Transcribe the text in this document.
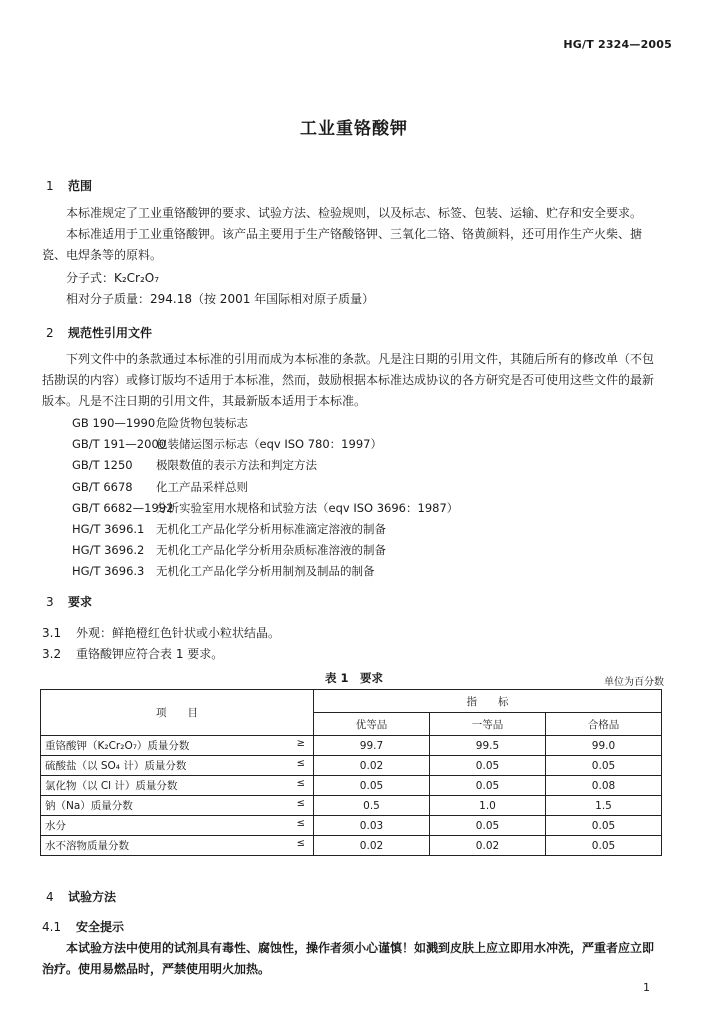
HG/T 2324—2005
工业重铬酸钾
1 范围
本标准规定了工业重铬酸钾的要求、试验方法、检验规则，以及标志、标签、包装、运输、贮存和安全要求。
本标准适用于工业重铬酸钾。该产品主要用于生产铬酸铬钾、三氧化二铬、铬黄颜料，还可用作生产火柴、搪瓷、电焊条等的原料。
分子式：K₂Cr₂O₇
相对分子质量：294.18（按 2001 年国际相对原子质量）
2 规范性引用文件
下列文件中的条款通过本标准的引用而成为本标准的条款。凡是注日期的引用文件，其随后所有的修改单（不包括勘误的内容）或修订版均不适用于本标准，然而，鼓励根据本标准达成协议的各方研究是否可使用这些文件的最新版本。凡是不注日期的引用文件，其最新版本适用于本标准。
GB 190—1990危险货物包装标志
GB/T 191—2000包装储运图示标志（eqv ISO 780：1997）
GB/T 1250 极限数值的表示方法和判定方法
GB/T 6678 化工产品采样总则
GB/T 6682—1992分析实验室用水规格和试验方法（eqv ISO 3696：1987）
HG/T 3696.1 无机化工产品化学分析用标准滴定溶液的制备
HG/T 3696.2 无机化工产品化学分析用杂质标准溶液的制备
HG/T 3696.3 无机化工产品化学分析用制剂及制品的制备
3 要求
3.1 外观：鲜艳橙红色针状或小粒状结晶。
3.2 重铬酸钾应符合表 1 要求。
表 1　要求	单位为百分数
项　　目	指　　标		
	优等品	一等品	合格品
重铬酸钾（K₂Cr₂O₇）质量分数 ≥	99.7	99.5	99.0
硫酸盐（以 SO₄ 计）质量分数 ≤	0.02	0.05	0.05
氯化物（以 Cl 计）质量分数 ≤	0.05	0.05	0.08
钠（Na）质量分数 ≤	0.5	1.0	1.5
水分 ≤	0.03	0.05	0.05
水不溶物质量分数 ≤	0.02	0.02	0.05
4 试验方法
4.1 安全提示
本试验方法中使用的试剂具有毒性、腐蚀性，操作者须小心谨慎！如溅到皮肤上应立即用水冲洗，严重者应立即治疗。使用易燃品时，严禁使用明火加热。
1
